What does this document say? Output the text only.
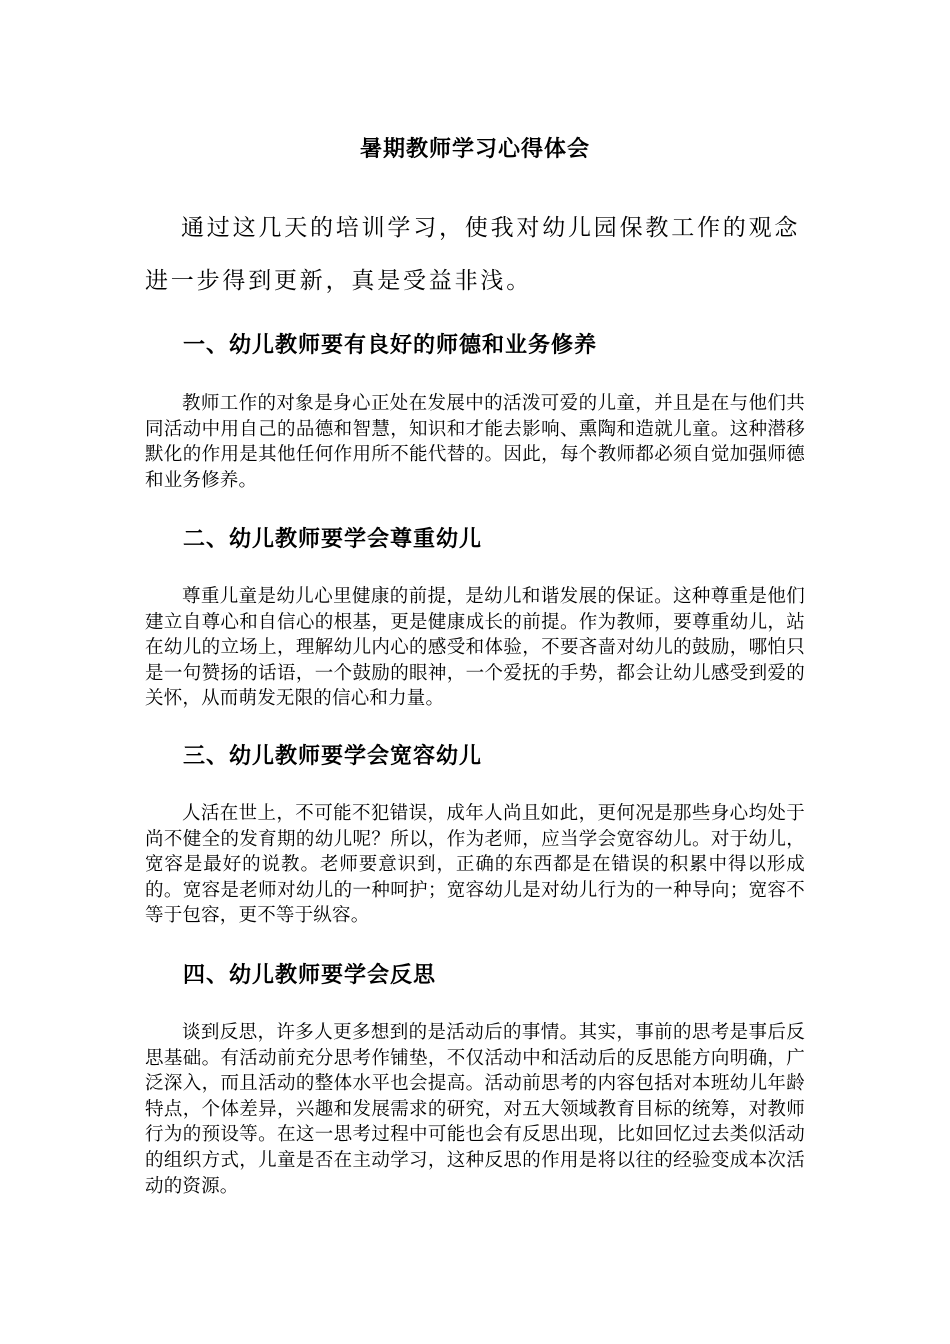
暑期教师学习心得体会

通过这几天的培训学习，使我对幼儿园保教工作的观念进一步得到更新，真是受益非浅。

一、幼儿教师要有良好的师德和业务修养

教师工作的对象是身心正处在发展中的活泼可爱的儿童，并且是在与他们共同活动中用自己的品德和智慧，知识和才能去影响、熏陶和造就儿童。这种潜移默化的作用是其他任何作用所不能代替的。因此，每个教师都必须自觉加强师德和业务修养。

二、幼儿教师要学会尊重幼儿

尊重儿童是幼儿心里健康的前提，是幼儿和谐发展的保证。这种尊重是他们建立自尊心和自信心的根基，更是健康成长的前提。作为教师，要尊重幼儿，站在幼儿的立场上，理解幼儿内心的感受和体验，不要吝啬对幼儿的鼓励，哪怕只是一句赞扬的话语，一个鼓励的眼神，一个爱抚的手势，都会让幼儿感受到爱的关怀，从而萌发无限的信心和力量。

三、幼儿教师要学会宽容幼儿

人活在世上，不可能不犯错误，成年人尚且如此，更何况是那些身心均处于尚不健全的发育期的幼儿呢？所以，作为老师，应当学会宽容幼儿。对于幼儿，宽容是最好的说教。老师要意识到，正确的东西都是在错误的积累中得以形成的。宽容是老师对幼儿的一种呵护；宽容幼儿是对幼儿行为的一种导向；宽容不等于包容，更不等于纵容。

四、幼儿教师要学会反思

谈到反思，许多人更多想到的是活动后的事情。其实，事前的思考是事后反思基础。有活动前充分思考作铺垫，不仅活动中和活动后的反思能方向明确，广泛深入，而且活动的整体水平也会提高。活动前思考的内容包括对本班幼儿年龄特点，个体差异，兴趣和发展需求的研究，对五大领域教育目标的统筹，对教师行为的预设等。在这一思考过程中可能也会有反思出现，比如回忆过去类似活动的组织方式，儿童是否在主动学习，这种反思的作用是将以往的经验变成本次活动的资源。
